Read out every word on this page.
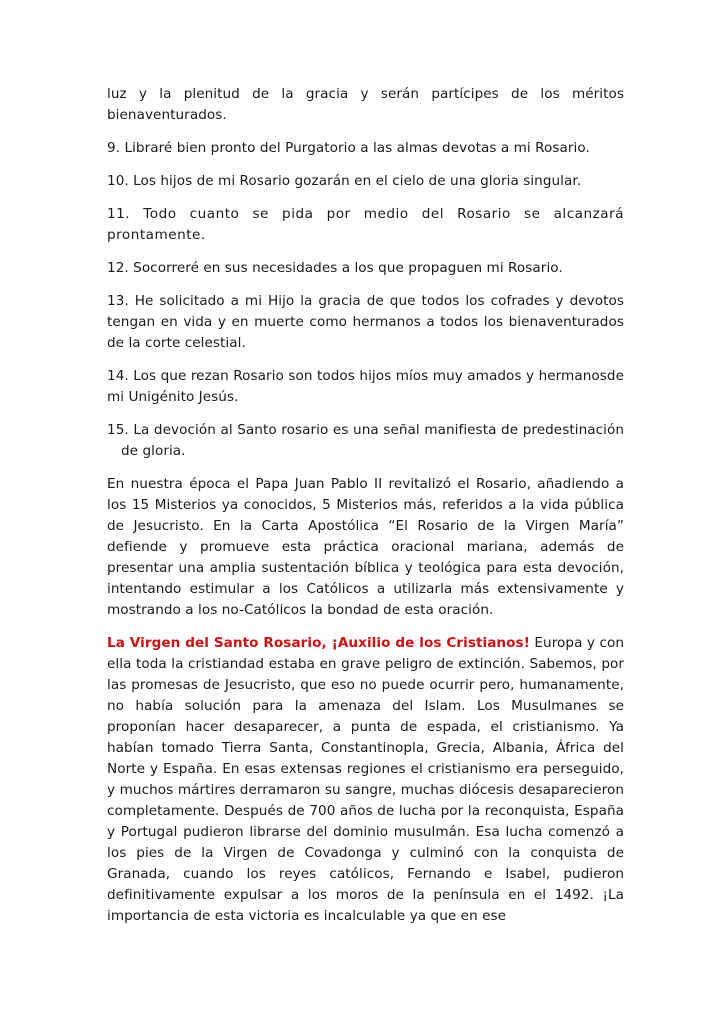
luz y la plenitud de la gracia y serán partícipes de los méritos bienaventurados.

9. Libraré bien pronto del Purgatorio a las almas devotas a mi Rosario.

10. Los hijos de mi Rosario gozarán en el cielo de una gloria singular.

11. Todo cuanto se pida por medio del Rosario se alcanzará prontamente.

12. Socorreré en sus necesidades a los que propaguen mi Rosario.

13. He solicitado a mi Hijo la gracia de que todos los cofrades y devotos tengan en vida y en muerte como hermanos a todos los bienaventurados de la corte celestial.

14. Los que rezan Rosario son todos hijos míos muy amados y hermanosde mi Unigénito Jesús.

15. La devoción al Santo rosario es una señal manifiesta de predestinación de gloria.

En nuestra época el Papa Juan Pablo II revitalizó el Rosario, añadiendo a los 15 Misterios ya conocidos, 5 Misterios más, referidos a la vida pública de Jesucristo. En la Carta Apostólica “El Rosario de la Virgen María” defiende y promueve esta práctica oracional mariana, además de presentar una amplia sustentación bíblica y teológica para esta devoción, intentando estimular a los Católicos a utilizarla más extensivamente y mostrando a los no-Católicos la bondad de esta oración.

La Virgen del Santo Rosario, ¡Auxilio de los Cristianos! Europa y con ella toda la cristiandad estaba en grave peligro de extinción. Sabemos, por las promesas de Jesucristo, que eso no puede ocurrir pero, humanamente, no había solución para la amenaza del Islam. Los Musulmanes se proponían hacer desaparecer, a punta de espada, el cristianismo. Ya habían tomado Tierra Santa, Constantinopla, Grecia, Albania, África del Norte y España. En esas extensas regiones el cristianismo era perseguido, y muchos mártires derramaron su sangre, muchas diócesis desaparecieron completamente. Después de 700 años de lucha por la reconquista, España y Portugal pudieron librarse del dominio musulmán. Esa lucha comenzó a los pies de la Virgen de Covadonga y culminó con la conquista de Granada, cuando los reyes católicos, Fernando e Isabel, pudieron definitivamente expulsar a los moros de la península en el 1492. ¡La importancia de esta victoria es incalculable ya que en ese
